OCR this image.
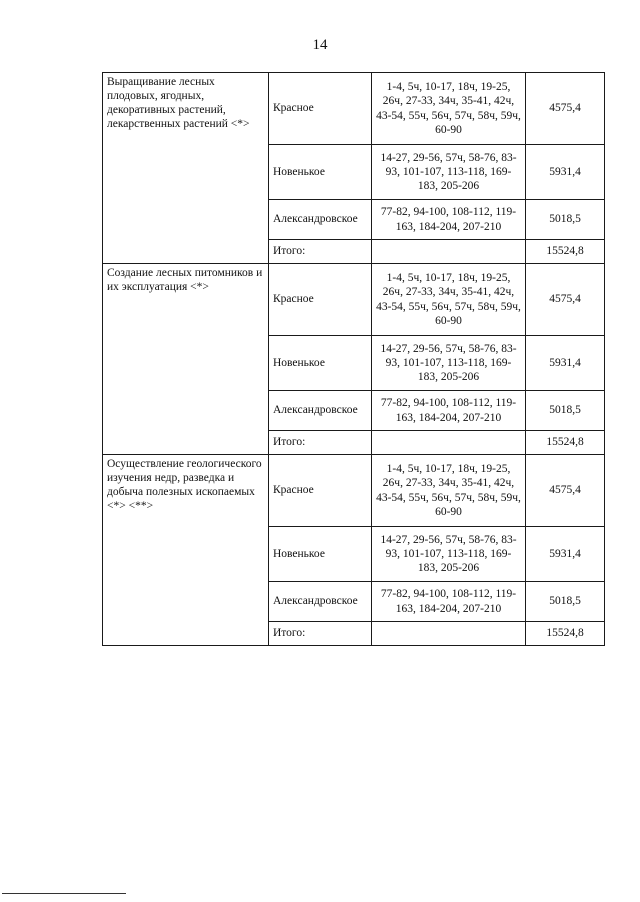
14
Выращивание лесных плодовых, ягодных, декоративных растений, лекарственных растений <*>	Красное	1-4, 5ч, 10-17, 18ч, 19-25, 26ч, 27-33, 34ч, 35-41, 42ч, 43-54, 55ч, 56ч, 57ч, 58ч, 59ч, 60-90	4575,4
	Новенькое	14-27, 29-56, 57ч, 58-76, 83-93, 101-107, 113-118, 169-183, 205-206	5931,4
	Александровское	77-82, 94-100, 108-112, 119-163, 184-204, 207-210	5018,5
	Итого:		15524,8
Создание лесных питомников и их эксплуатация <*>	Красное	1-4, 5ч, 10-17, 18ч, 19-25, 26ч, 27-33, 34ч, 35-41, 42ч, 43-54, 55ч, 56ч, 57ч, 58ч, 59ч, 60-90	4575,4
	Новенькое	14-27, 29-56, 57ч, 58-76, 83-93, 101-107, 113-118, 169-183, 205-206	5931,4
	Александровское	77-82, 94-100, 108-112, 119-163, 184-204, 207-210	5018,5
	Итого:		15524,8
Осуществление геологического изучения недр, разведка и добыча полезных ископаемых <*> <**>	Красное	1-4, 5ч, 10-17, 18ч, 19-25, 26ч, 27-33, 34ч, 35-41, 42ч, 43-54, 55ч, 56ч, 57ч, 58ч, 59ч, 60-90	4575,4
	Новенькое	14-27, 29-56, 57ч, 58-76, 83-93, 101-107, 113-118, 169-183, 205-206	5931,4
	Александровское	77-82, 94-100, 108-112, 119-163, 184-204, 207-210	5018,5
	Итого:		15524,8
